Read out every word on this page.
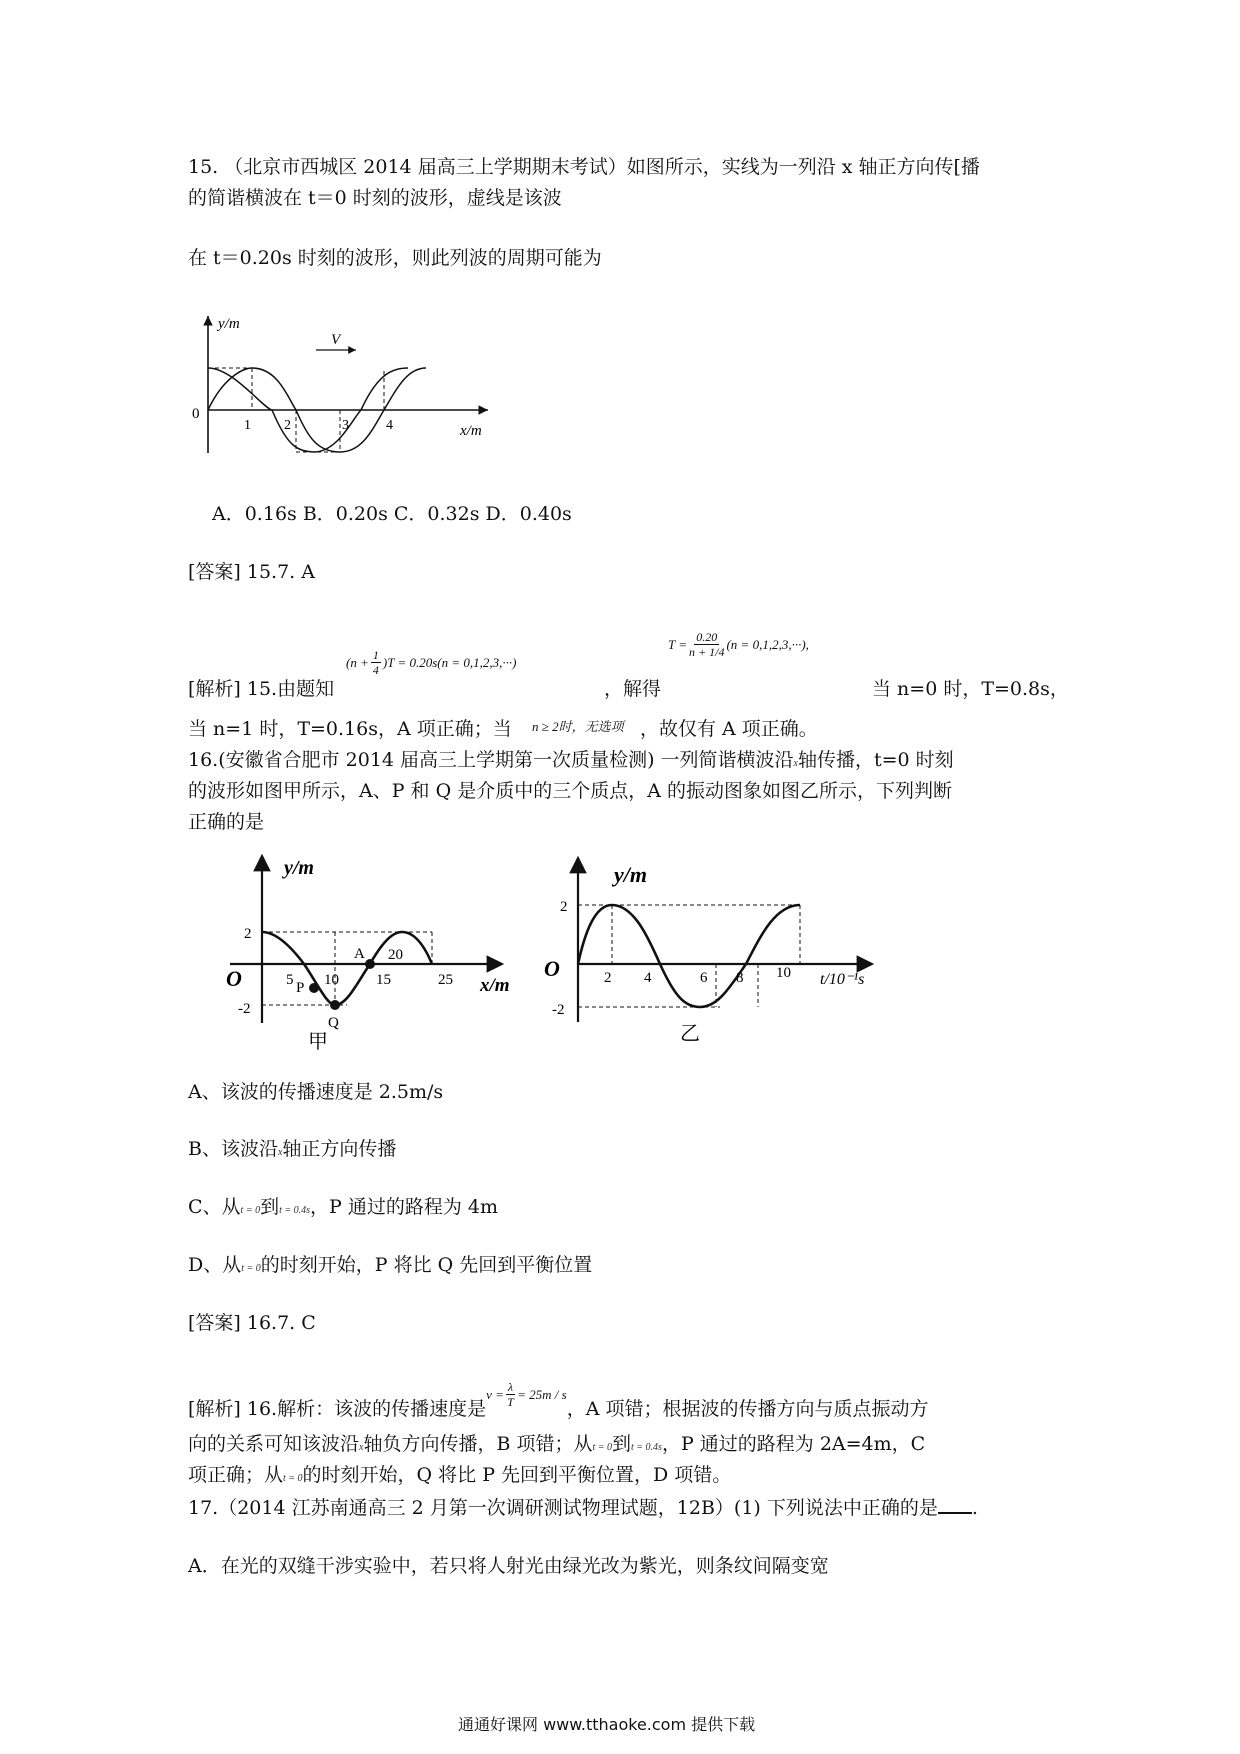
15. （北京市西城区 2014 届高三上学期期末考试）如图所示，实线为一列沿 x 轴正方向传[播
的简谐横波在 t＝0 时刻的波形，虚线是该波
在 t＝0.20s 时刻的波形，则此列波的周期可能为
y/m
x/m
0
V
1 2	3	4
A．0.16s B．0.20s C．0.32s D．0.40s
[答案] 15.7. A
[解析] 15.由题知
$(n + \frac{1}{4} )T = 0.20s(n = 0,1,2,3,\cdot\cdot\cdot)$
，解得
$T = \frac{0.20}{n + 1/4} (n = 0,1,2,3,\cdot\cdot\cdot)$,
当 n=0 时，T=0.8s，
当 n=1 时，T=0.16s，A 项正确；当 n ≥ 2时，无选项 ，故仅有 A 项正确。
16.(安徽省合肥市 2014 届高三上学期第一次质量检测) 一列简谐横波沿x轴传播，t=0 时刻
的波形如图甲所示，A、P 和 Q 是介质中的三个质点，A 的振动图象如图乙所示，下列判断
正确的是
y/m
x/m
O
2
-2
P
Q
A
5 10 15
20
25
甲
y/m
t/10⁻¹s
O
2
-2
2 4	6 8 10
乙
A、该波的传播速度是 2.5m/s
B、该波沿x轴正方向传播
C、从t = 0到t = 0.4s，P 通过的路程为 4m
D、从t = 0的时刻开始，P 将比 Q 先回到平衡位置
[答案] 16.7. C
[解析] 16.解析：该波的传播速度是
$v = \frac{\lambda}{T} = 25m / s$
，A 项错；根据波的传播方向与质点振动方
向的关系可知该波沿x轴负方向传播，B 项错；从t = 0到t = 0.4s，P 通过的路程为 2A=4m，C
项正确；从t = 0的时刻开始，Q 将比 P 先回到平衡位置，D 项错。
17.（2014 江苏南通高三 2 月第一次调研测试物理试题，12B）(1) 下列说法中正确的是 .
A．在光的双缝干涉实验中，若只将人射光由绿光改为紫光，则条纹间隔变宽
通通好课网 www.tthaoke.com 提供下载
